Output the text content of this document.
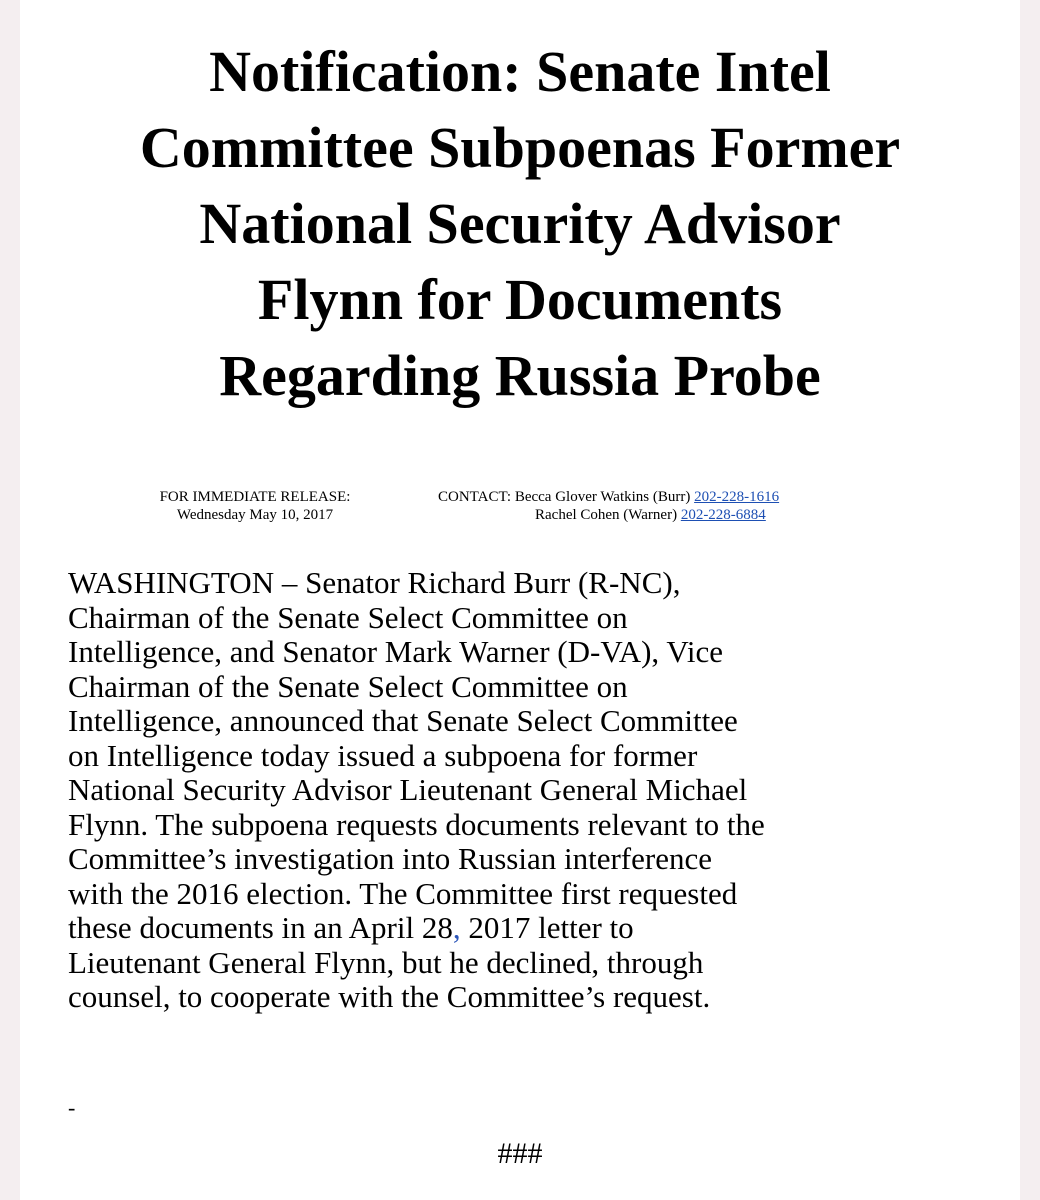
Notification: Senate Intel
Committee Subpoenas Former
National Security Advisor
Flynn for Documents
Regarding Russia Probe
FOR IMMEDIATE RELEASE:
Wednesday May 10, 2017
CONTACT: Becca Glover Watkins (Burr) 202-228-1616
Rachel Cohen (Warner) 202-228-6884
WASHINGTON – Senator Richard Burr (R-NC),
Chairman of the Senate Select Committee on
Intelligence, and Senator Mark Warner (D-VA), Vice
Chairman of the Senate Select Committee on
Intelligence, announced that Senate Select Committee
on Intelligence today issued a subpoena for former
National Security Advisor Lieutenant General Michael
Flynn. The subpoena requests documents relevant to the
Committee’s investigation into Russian interference
with the 2016 election. The Committee first requested
these documents in an April 28, 2017 letter to
Lieutenant General Flynn, but he declined, through
counsel, to cooperate with the Committee’s request.
-
###
